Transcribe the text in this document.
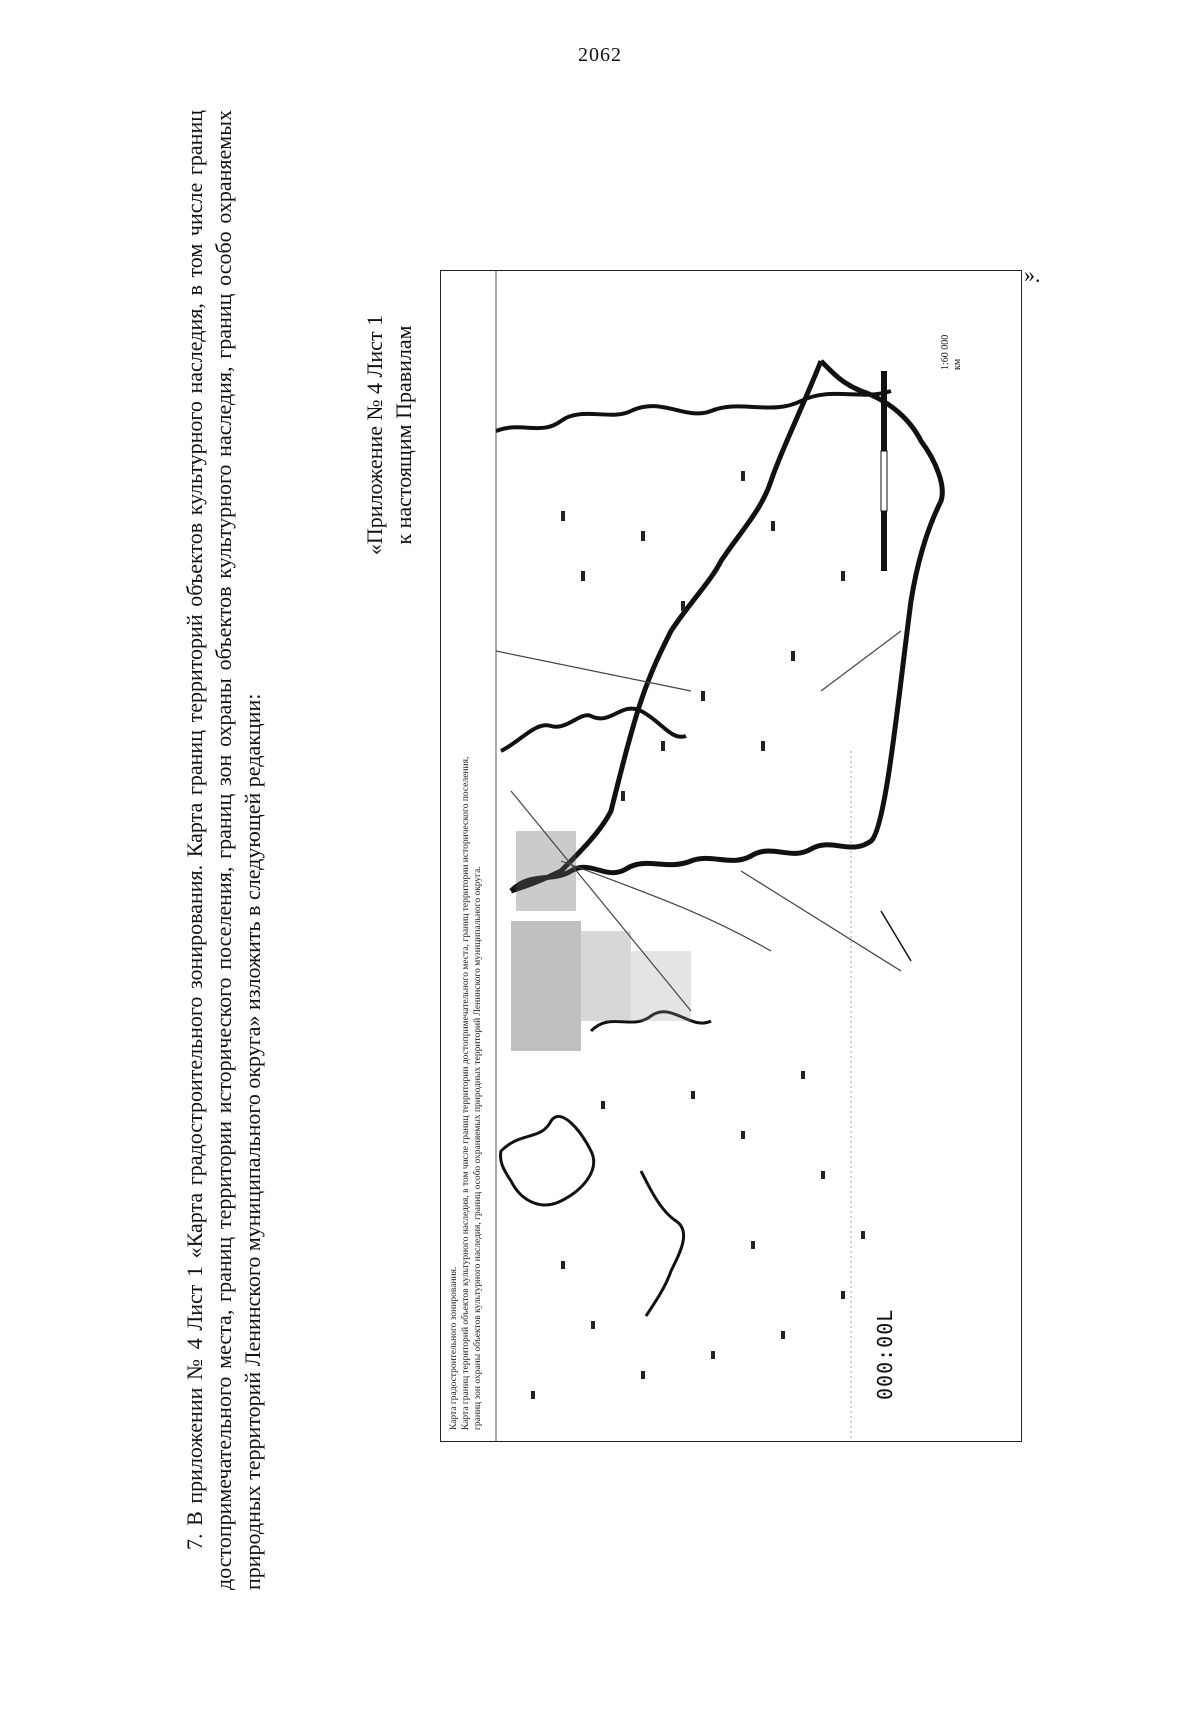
2062

7. В приложении № 4 Лист 1 «Карта градостроительного зонирования. Карта границ территорий объектов культурного наследия, в том числе границ достопримечательного места, границ территории исторического поселения, границ зон охраны объектов культурного наследия, границ особо охраняемых природных территорий Ленинского муниципального округа» изложить в следующей редакции:

«Приложение № 4 Лист 1 к настоящим Правилам
Карта градостроительного зонирования. Карта границ территорий объектов культурного наследия, в том числе границ территории достопримечательного места, границ территории исторического поселения, границ зон охраны объектов культурного наследия, границ особо охраняемых природных территорий Ленинского муниципального округа.	000:00L
1:60 000 км
».
